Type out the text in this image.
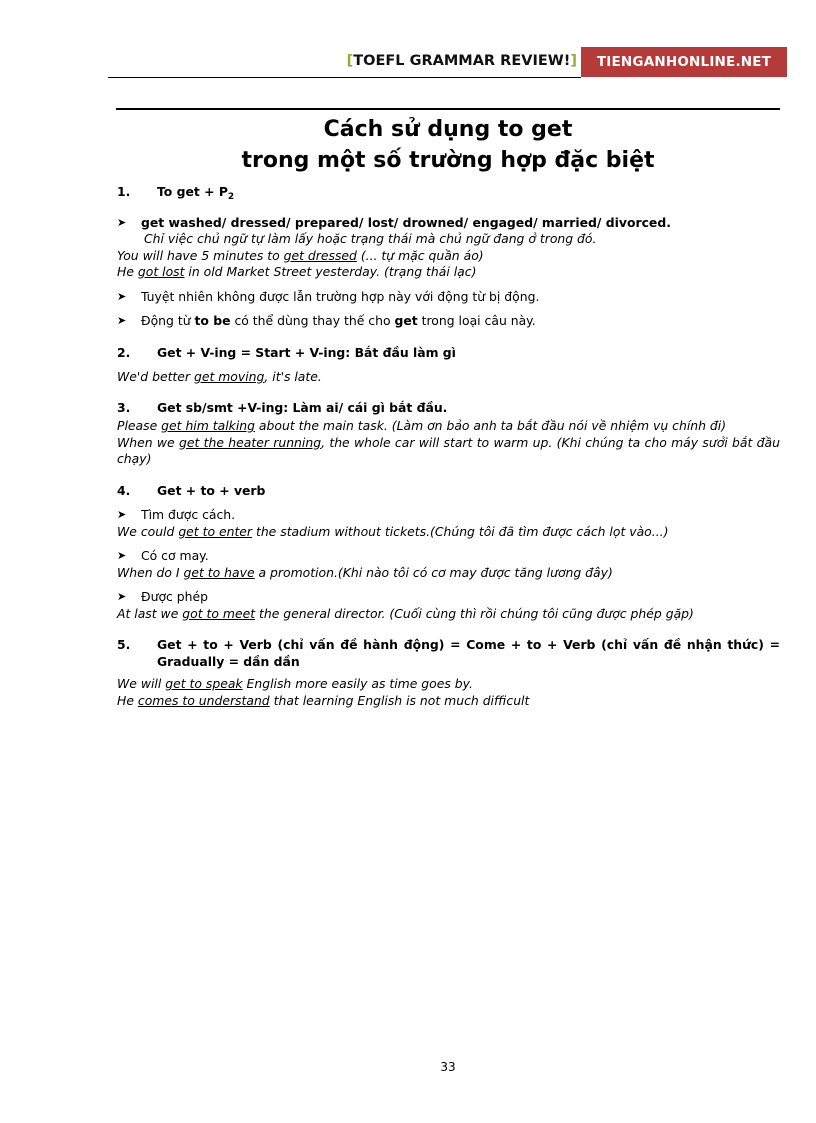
[TOEFL GRAMMAR REVIEW!]	TIENGANHONLINE.NET
Cách sử dụng to get
trong một số trường hợp đặc biệt
1.	To get + $P_2$
➤	get washed/ dressed/ prepared/ lost/ drowned/ engaged/ married/ divorced.
Chỉ việc chủ ngữ tự làm lấy hoặc trạng thái mà chủ ngữ đang ở trong đó.
You will have 5 minutes to get dressed (... tự mặc quần áo)
He got lost in old Market Street yesterday. (trạng thái lạc)
➤	Tuyệt nhiên không được lẫn trường hợp này với động từ bị động.
➤	Động từ to be có thể dùng thay thế cho get trong loại câu này.
2.	Get + V-ing = Start + V-ing: Bắt đầu làm gì
We'd better get moving, it's late.
3.	Get sb/smt +V-ing: Làm ai/ cái gì bắt đầu.
Please get him talking about the main task. (Làm ơn bảo anh ta bắt đầu nói về nhiệm vụ chính đi)
When we get the heater running, the whole car will start to warm up. (Khi chúng ta cho máy sưởi bắt đầu chạy)
4.	Get + to + verb
➤	Tìm được cách.
We could get to enter the stadium without tickets.(Chúng tôi đã tìm được cách lọt vào...)
➤	Có cơ may.
When do I get to have a promotion.(Khi nào tôi có cơ may được tăng lương đây)
➤	Được phép
At last we got to meet the general director. (Cuối cùng thì rồi chúng tôi cũng được phép gặp)
5.	Get + to + Verb (chỉ vấn đề hành động) = Come + to + Verb (chỉ vấn đề nhận thức) = Gradually = dần dần
We will get to speak English more easily as time goes by.
He comes to understand that learning English is not much difficult
33
